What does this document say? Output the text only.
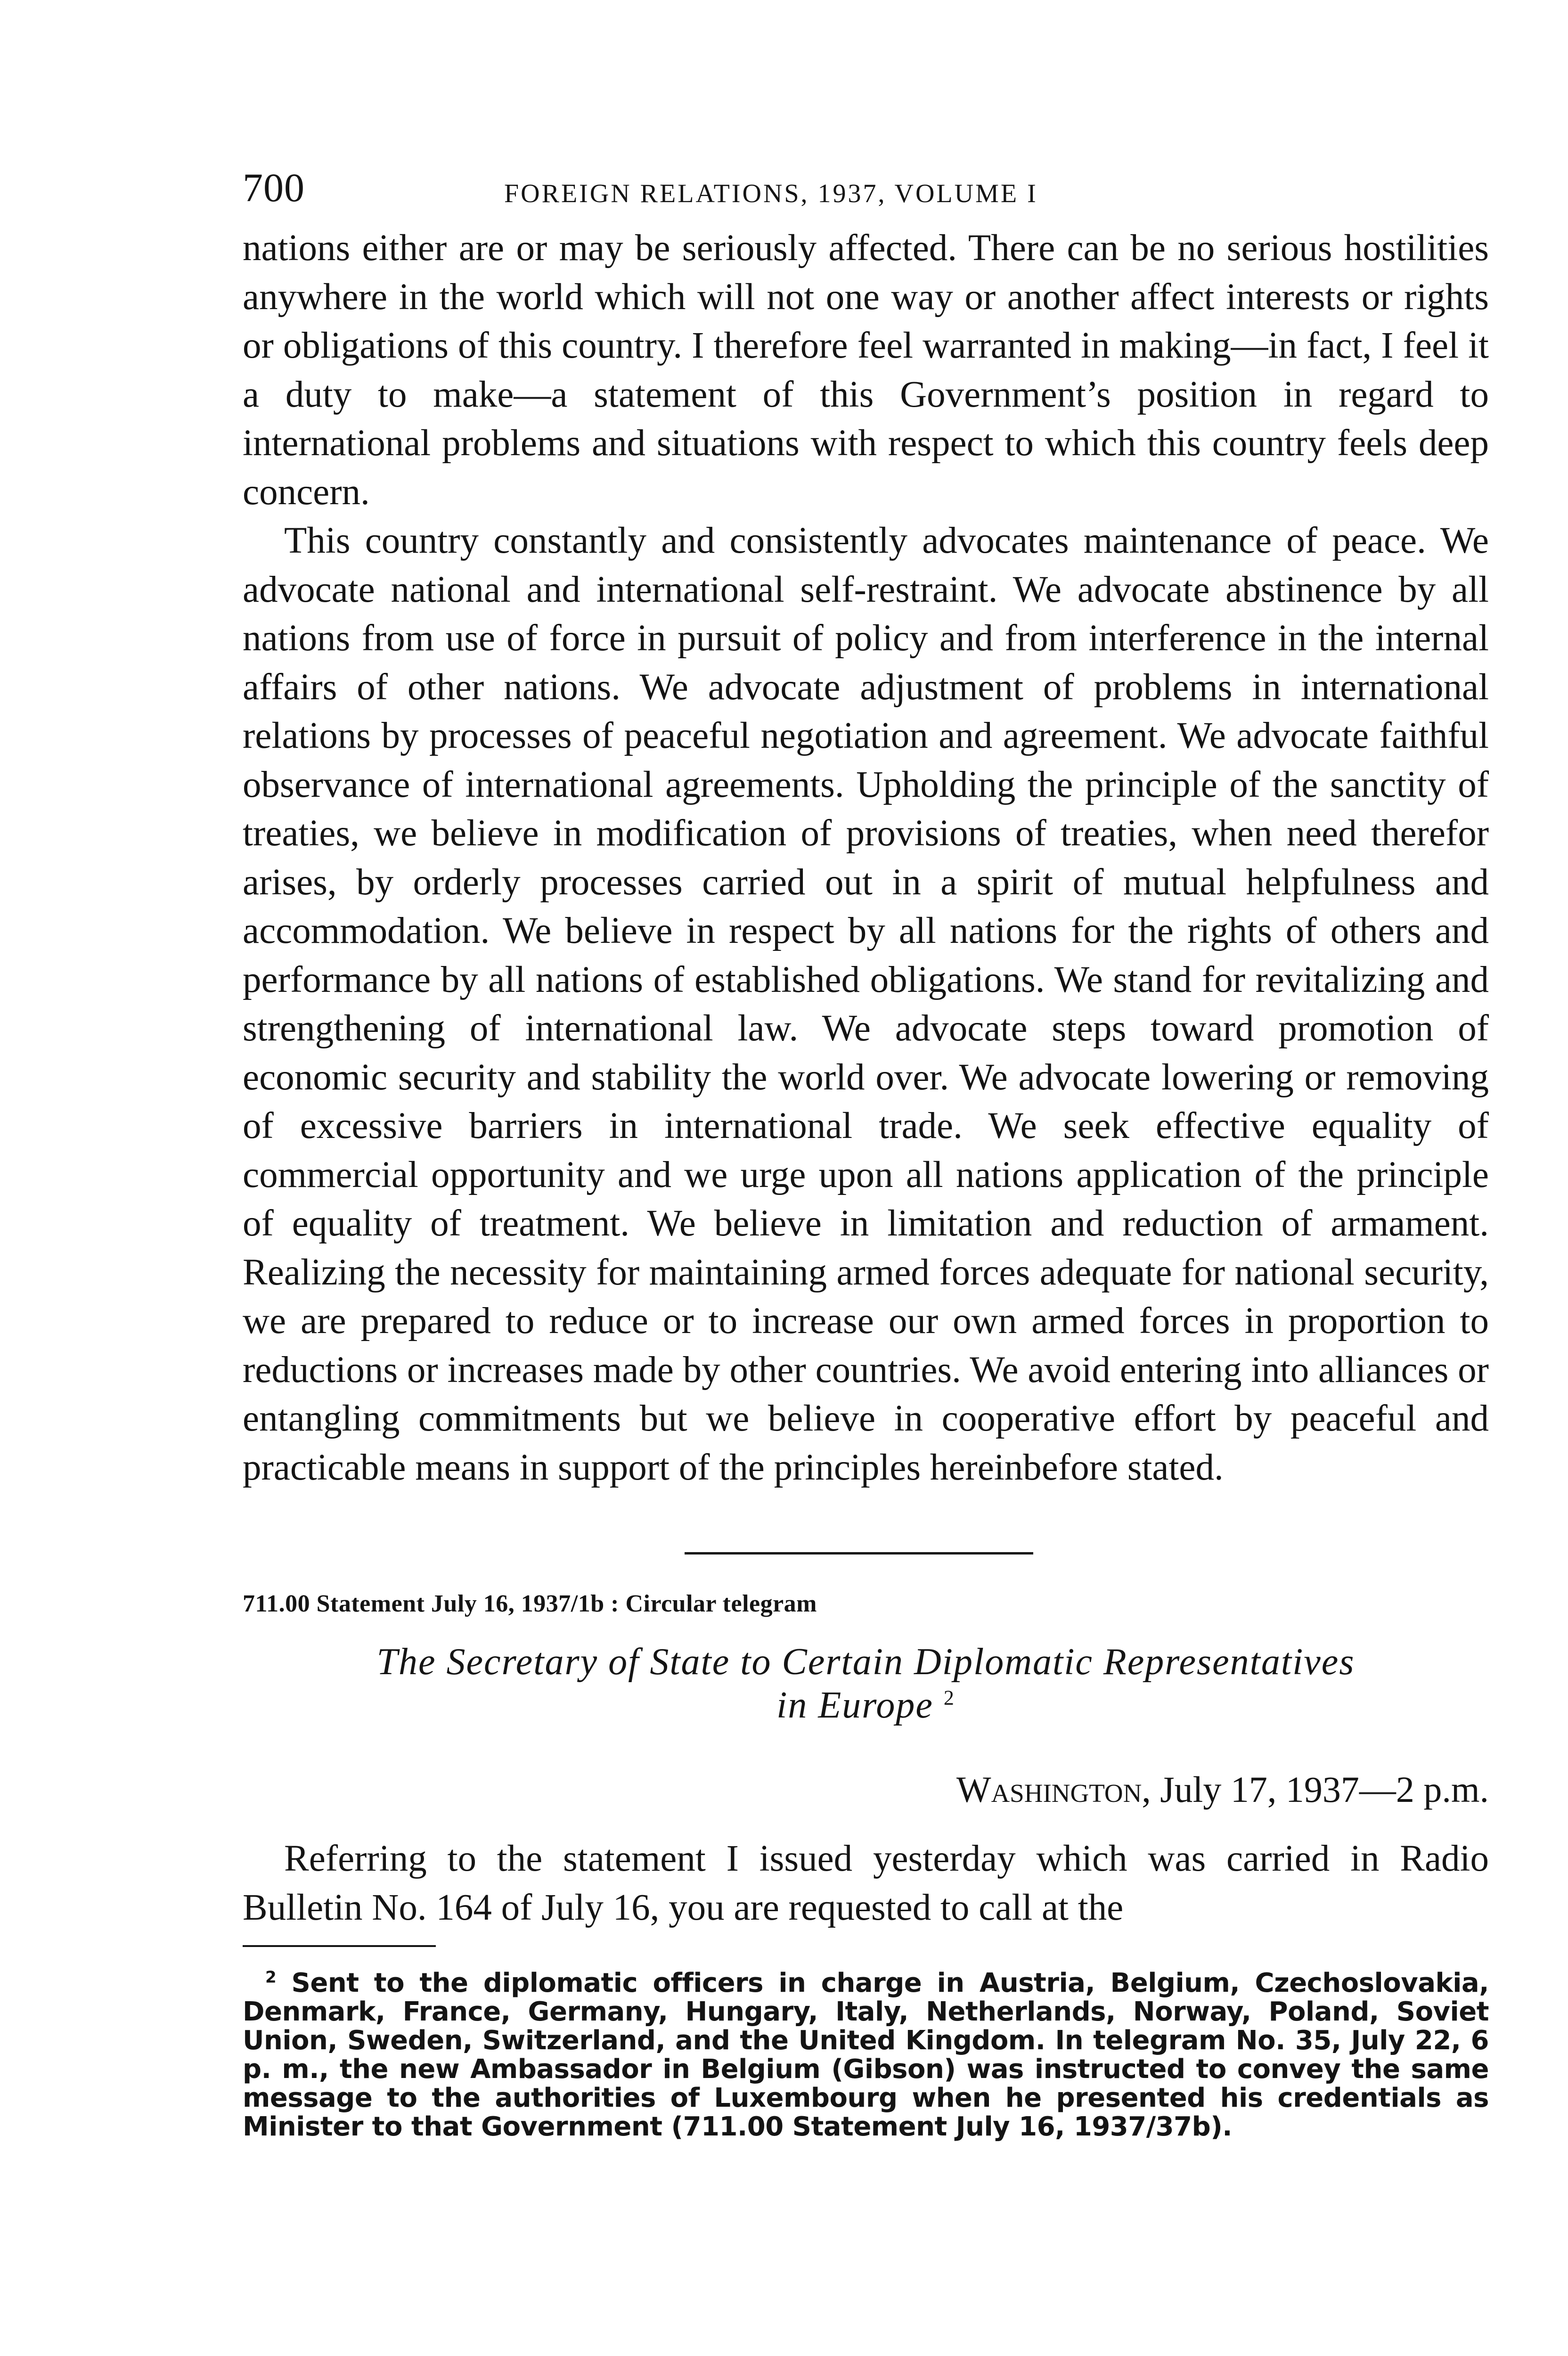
700	FOREIGN RELATIONS, 1937, VOLUME I

nations either are or may be seriously affected. There can be no serious hostilities anywhere in the world which will not one way or another affect interests or rights or obligations of this country. I therefore feel warranted in making—in fact, I feel it a duty to make—a statement of this Government’s position in regard to international problems and situations with respect to which this country feels deep concern.

This country constantly and consistently advocates maintenance of peace. We advocate national and international self-restraint. We advocate abstinence by all nations from use of force in pursuit of policy and from interference in the internal affairs of other nations. We advocate adjustment of problems in international relations by processes of peaceful negotiation and agreement. We advocate faithful observance of international agreements. Upholding the principle of the sanctity of treaties, we believe in modification of provisions of treaties, when need therefor arises, by orderly processes carried out in a spirit of mutual helpfulness and accommodation. We believe in respect by all nations for the rights of others and performance by all nations of established obligations. We stand for revitalizing and strengthening of international law. We advocate steps toward promotion of economic security and stability the world over. We advocate lowering or removing of excessive barriers in international trade. We seek effective equality of commercial opportunity and we urge upon all nations application of the principle of equality of treatment. We believe in limitation and reduction of armament. Realizing the necessity for maintaining armed forces adequate for national security, we are prepared to reduce or to increase our own armed forces in proportion to reductions or increases made by other countries. We avoid entering into alliances or entangling commitments but we believe in cooperative effort by peaceful and practicable means in support of the principles hereinbefore stated.

711.00 Statement July 16, 1937/1b : Circular telegram
The Secretary of State to Certain Diplomatic Representatives
in Europe $^2$
Washington, July 17, 1937—2 p.m.

Referring to the statement I issued yesterday which was carried in Radio Bulletin No. 164 of July 16, you are requested to call at the

$^2$ Sent to the diplomatic officers in charge in Austria, Belgium, Czechoslovakia, Denmark, France, Germany, Hungary, Italy, Netherlands, Norway, Poland, Soviet Union, Sweden, Switzerland, and the United Kingdom. In telegram No. 35, July 22, 6 p. m., the new Ambassador in Belgium (Gibson) was instructed to convey the same message to the authorities of Luxembourg when he presented his credentials as Minister to that Government (711.00 Statement July 16, 1937/37b).
